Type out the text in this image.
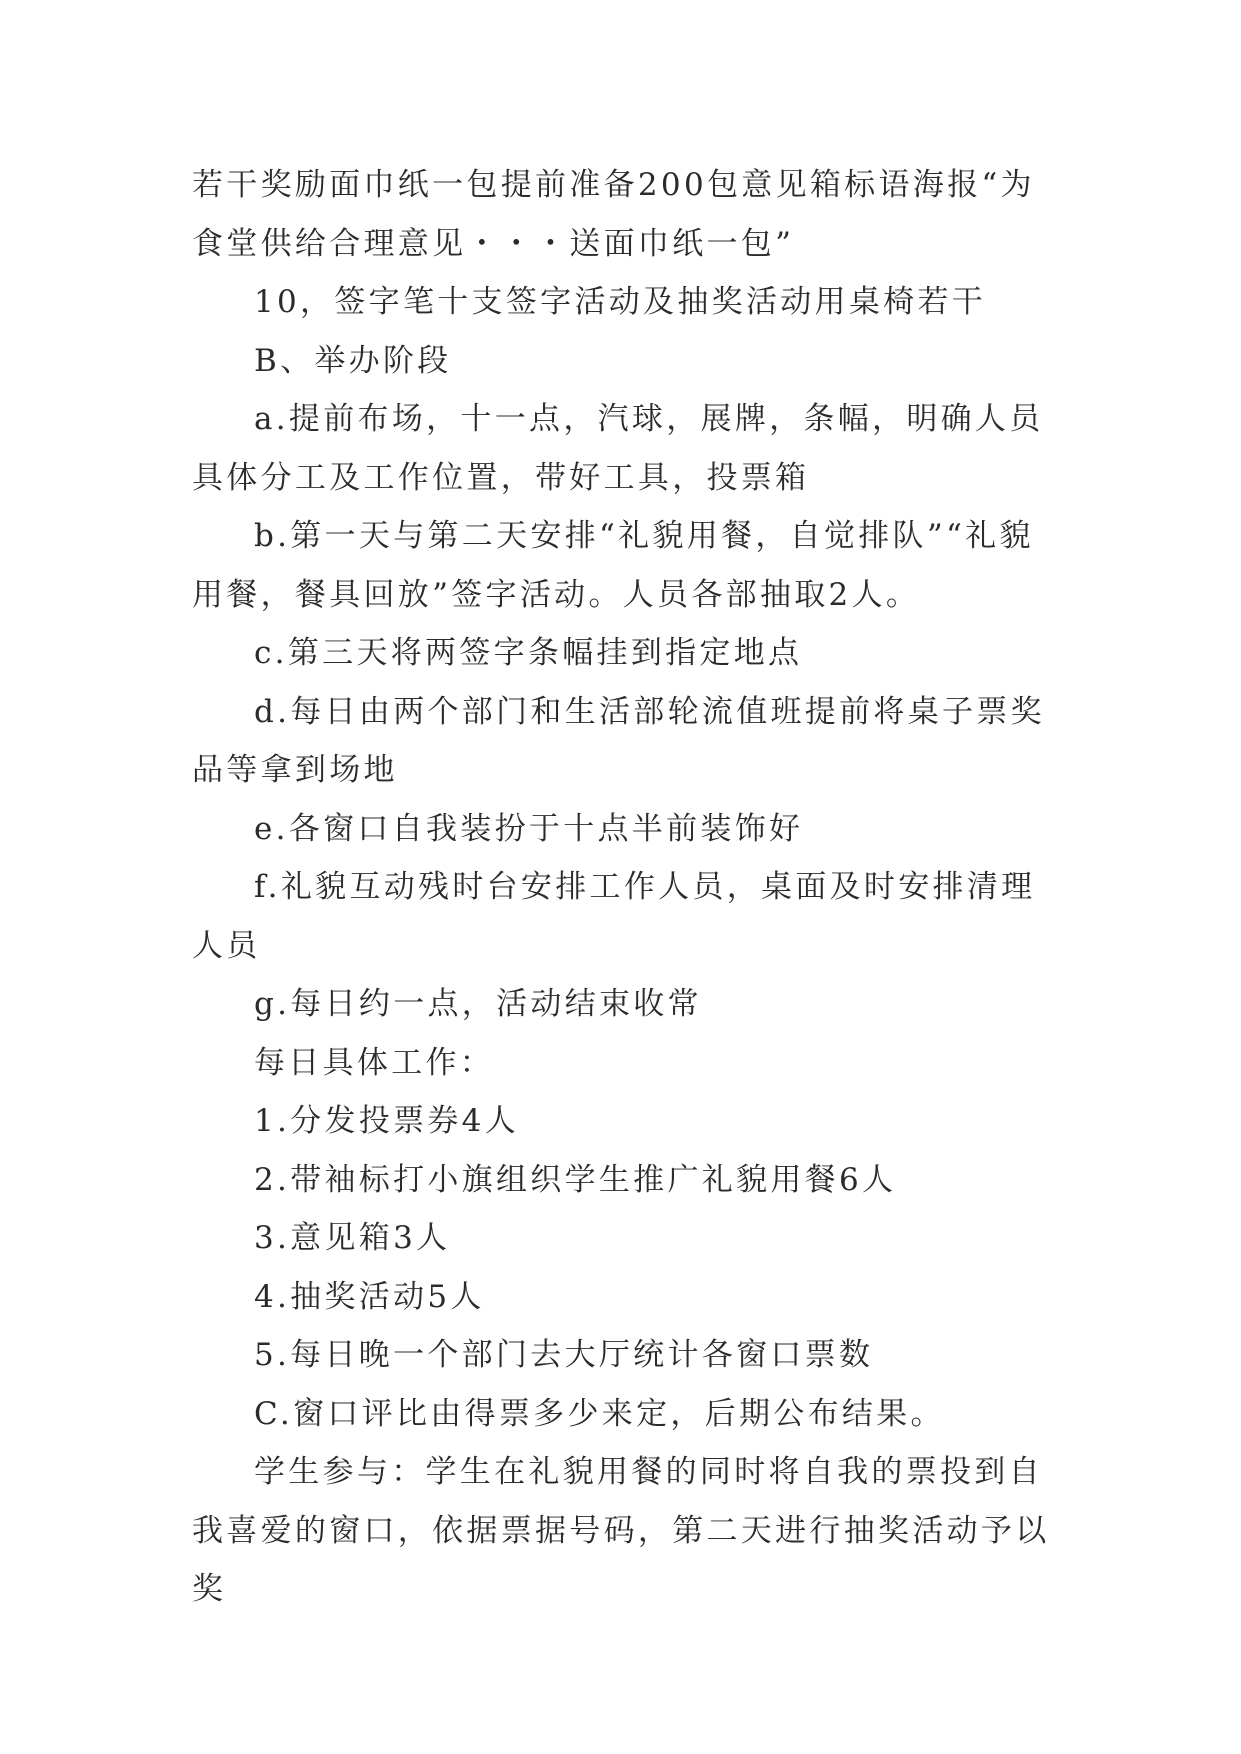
若干奖励面巾纸一包提前准备200包意见箱标语海报“为食堂供给合理意见・・・送面巾纸一包”

10，签字笔十支签字活动及抽奖活动用桌椅若干

B、举办阶段

a.提前布场，十一点，汽球，展牌，条幅，明确人员具体分工及工作位置，带好工具，投票箱

b.第一天与第二天安排“礼貌用餐，自觉排队”“礼貌用餐，餐具回放”签字活动。人员各部抽取2人。

c.第三天将两签字条幅挂到指定地点

d.每日由两个部门和生活部轮流值班提前将桌子票奖品等拿到场地

e.各窗口自我装扮于十点半前装饰好

f.礼貌互动残时台安排工作人员，桌面及时安排清理人员

g.每日约一点，活动结束收常

每日具体工作：

1.分发投票券4人

2.带袖标打小旗组织学生推广礼貌用餐6人

3.意见箱3人

4.抽奖活动5人

5.每日晚一个部门去大厅统计各窗口票数

C.窗口评比由得票多少来定，后期公布结果。

学生参与：学生在礼貌用餐的同时将自我的票投到自我喜爱的窗口，依据票据号码，第二天进行抽奖活动予以奖
